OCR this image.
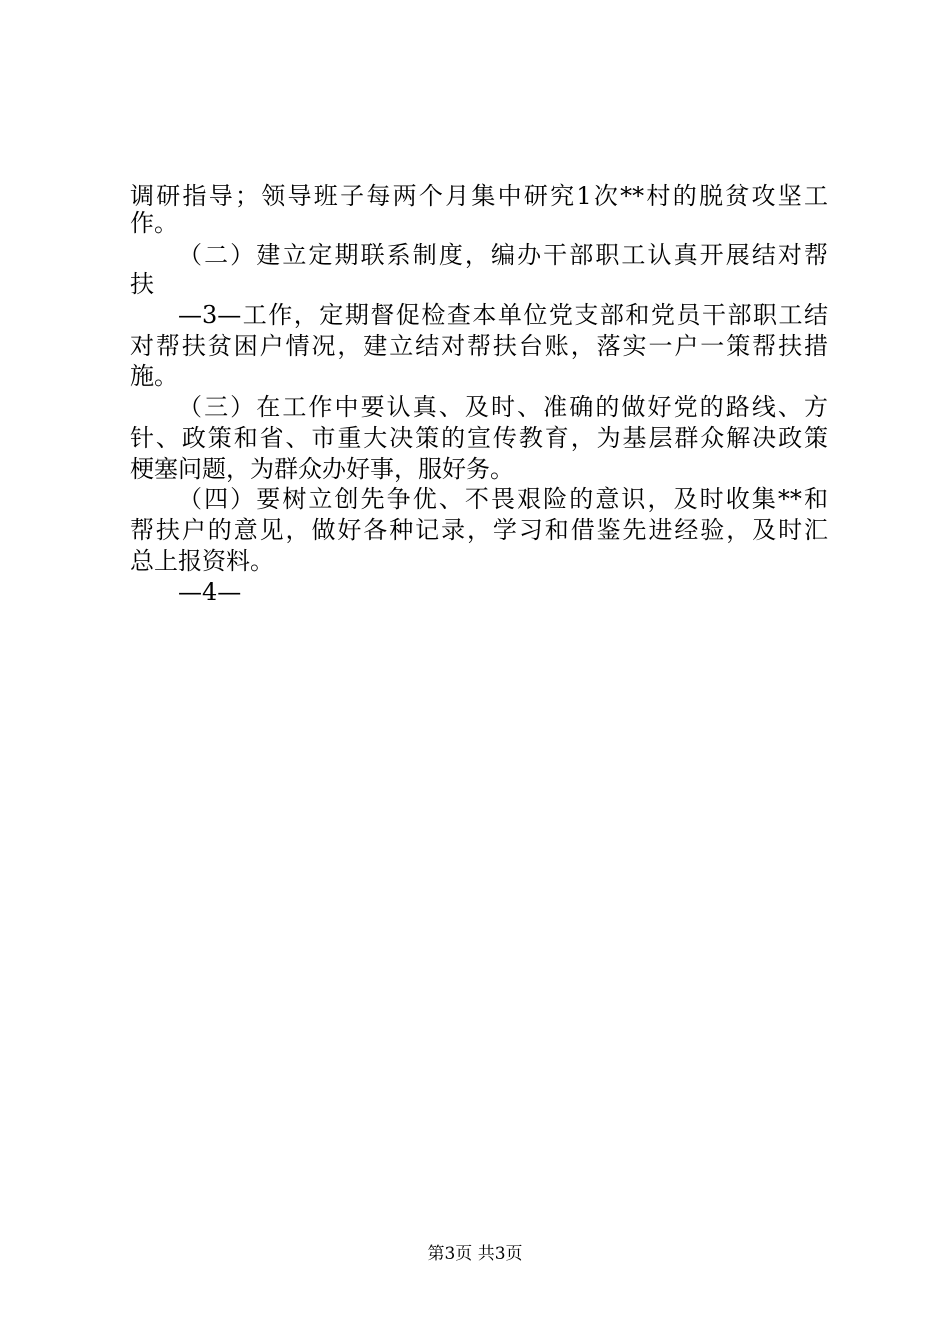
调研指导；领导班子每两个月集中研究1次**村的脱贫攻坚工
作。
（二）建立定期联系制度，编办干部职工认真开展结对帮
扶
—3—工作，定期督促检查本单位党支部和党员干部职工结
对帮扶贫困户情况，建立结对帮扶台账，落实一户一策帮扶措
施。
（三）在工作中要认真、及时、准确的做好党的路线、方
针、政策和省、市重大决策的宣传教育，为基层群众解决政策
梗塞问题，为群众办好事，服好务。
（四）要树立创先争优、不畏艰险的意识，及时收集**和
帮扶户的意见，做好各种记录，学习和借鉴先进经验，及时汇
总上报资料。
—4—
第3页 共3页
